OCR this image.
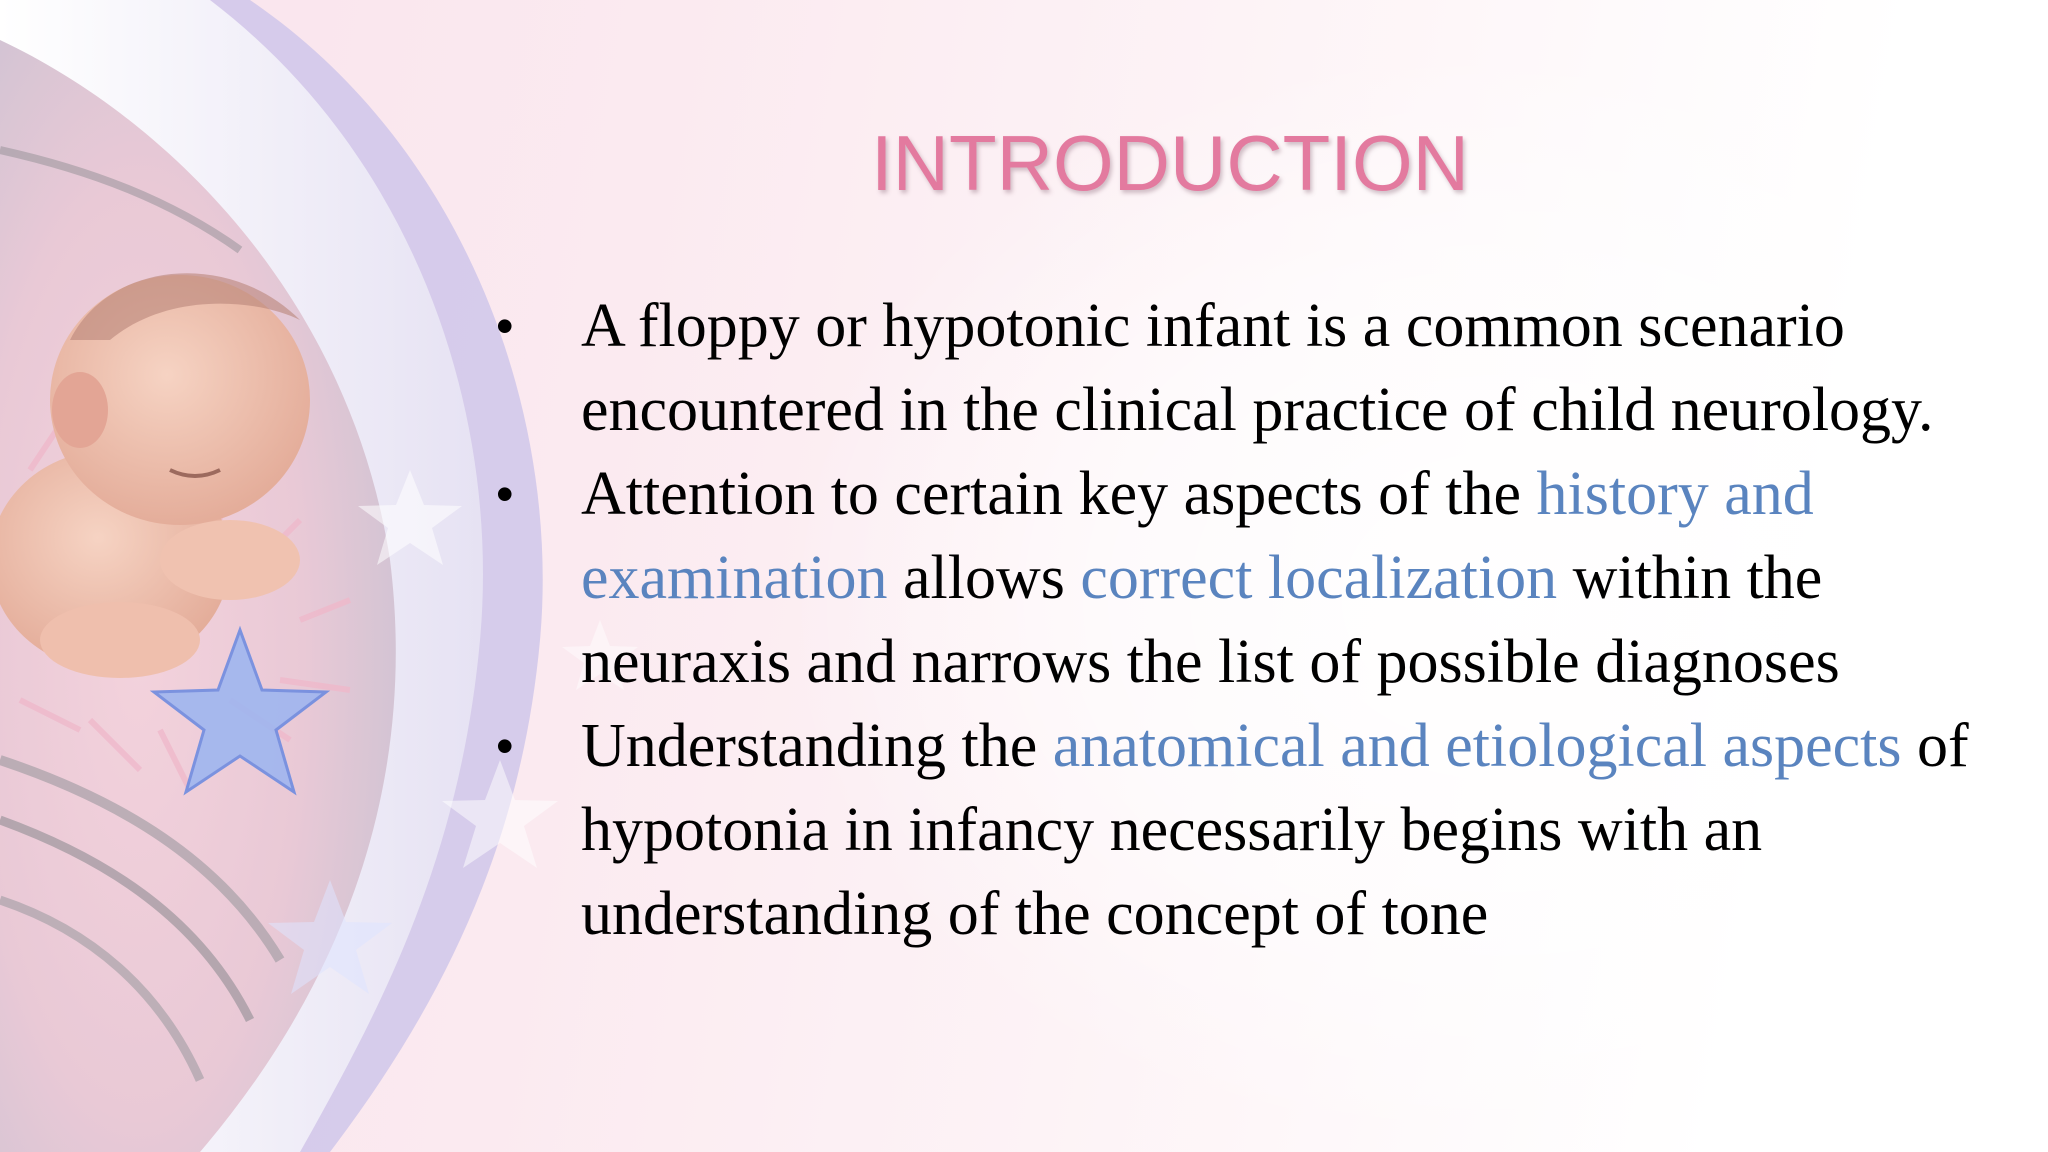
INTRODUCTION
•	A floppy or hypotonic infant is a common scenario encountered in the clinical practice of child neurology.
•	Attention to certain key aspects of the history and examination allows correct localization within the neuraxis and narrows the list of possible diagnoses
•	Understanding the anatomical and etiological aspects of hypotonia in infancy necessarily begins with an understanding of the concept of tone
